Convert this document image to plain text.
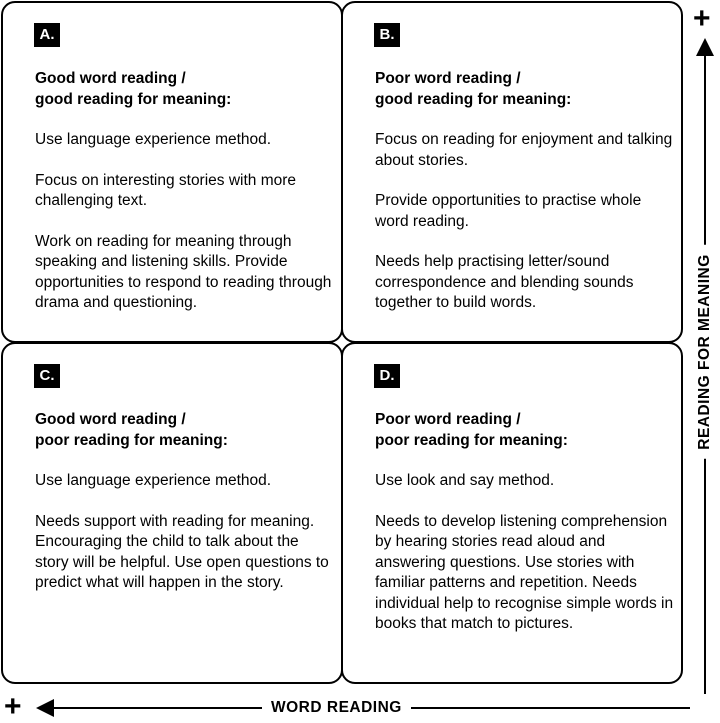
A.
Good word reading /
good reading for meaning:

Use language experience method.

Focus on interesting stories with more challenging text.

Work on reading for meaning through speaking and listening skills. Provide opportunities to respond to reading through drama and questioning.

B.
Poor word reading /
good reading for meaning:

Focus on reading for enjoyment and talking about stories.

Provide opportunities to practise whole word reading.

Needs help practising letter/sound correspondence and blending sounds together to build words.

C.
Good word reading /
poor reading for meaning:

Use language experience method.

Needs support with reading for meaning. Encouraging the child to talk about the story will be helpful. Use open questions to predict what will happen in the story.

D.
Poor word reading /
poor reading for meaning:

Use look and say method.

Needs to develop listening comprehension by hearing stories read aloud and answering questions. Use stories with familiar patterns and repetition. Needs individual help to recognise simple words in books that match to pictures.

+
+
READING FOR MEANING
WORD READING
